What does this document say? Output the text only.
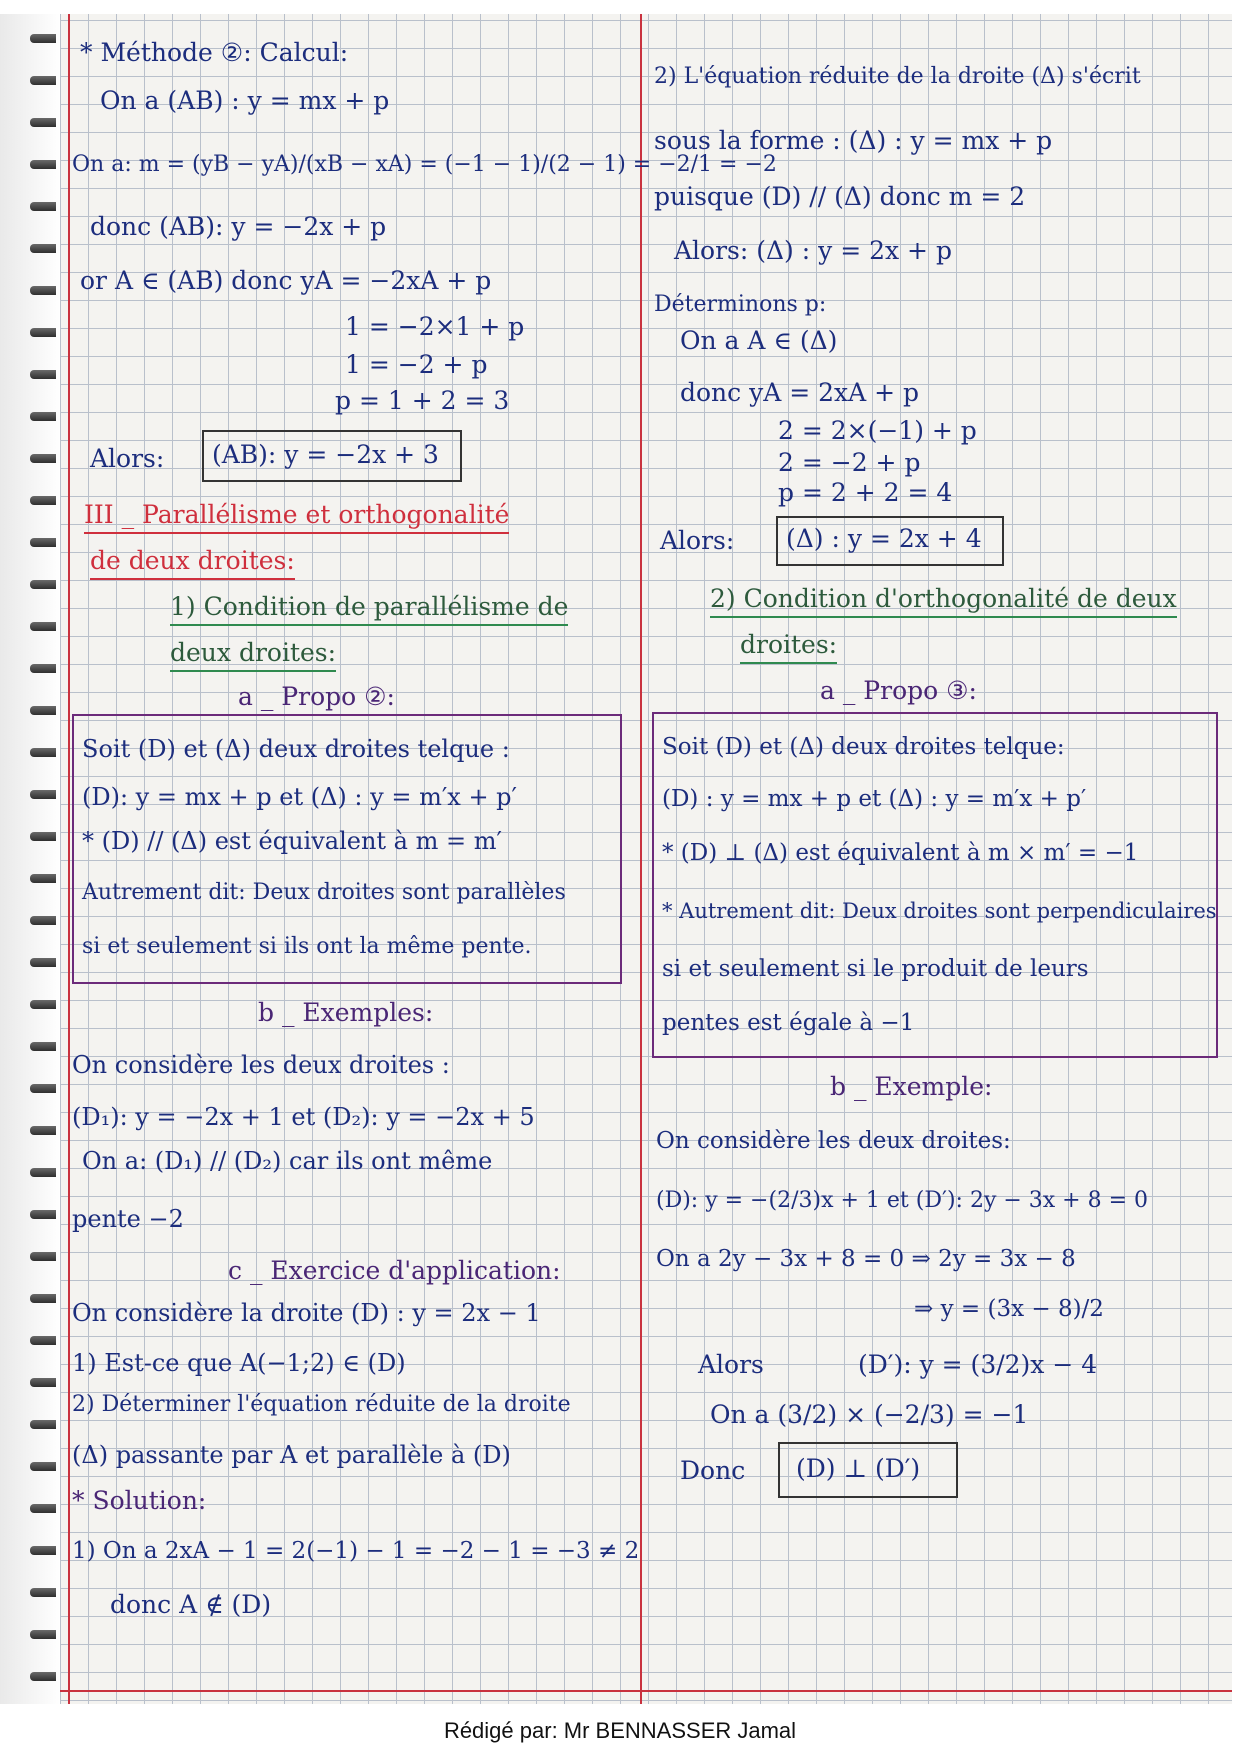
* Méthode ②: Calcul:
On a (AB) : y = mx + p
On a: m = (yB − yA)/(xB − xA) = (−1 − 1)/(2 − 1) = −2/1 = −2
donc (AB): y = −2x + p
or A ∈ (AB) donc yA = −2xA + p
1 = −2×1 + p
1 = −2 + p
p = 1 + 2 = 3
Alors: (AB): y = −2x + 3
III _ Parallélisme et orthogonalité
de deux droites:
1) Condition de parallélisme de
deux droites:
a _ Propo ②:
Soit (D) et (Δ) deux droites telque :
(D): y = mx + p et (Δ) : y = m′x + p′
* (D) // (Δ) est équivalent à m = m′
Autrement dit: Deux droites sont parallèles
si et seulement si ils ont la même pente.
b _ Exemples:
On considère les deux droites :
(D₁): y = −2x + 1 et (D₂): y = −2x + 5
On a: (D₁) // (D₂) car ils ont même
pente −2
c _ Exercice d'application:
On considère la droite (D) : y = 2x − 1
1) Est-ce que A(−1;2) ∈ (D)
2) Déterminer l'équation réduite de la droite
(Δ) passante par A et parallèle à (D)
* Solution:
1) On a 2xA − 1 = 2(−1) − 1 = −2 − 1 = −3 ≠ 2
donc A ∉ (D)
2) L'équation réduite de la droite (Δ) s'écrit
sous la forme : (Δ) : y = mx + p
puisque (D) // (Δ) donc m = 2
Alors: (Δ) : y = 2x + p
Déterminons p:
On a A ∈ (Δ)
donc yA = 2xA + p
2 = 2×(−1) + p
2 = −2 + p
p = 2 + 2 = 4
Alors: (Δ) : y = 2x + 4
2) Condition d'orthogonalité de deux
droites:
a _ Propo ③:
Soit (D) et (Δ) deux droites telque:
(D) : y = mx + p et (Δ) : y = m′x + p′
* (D) ⊥ (Δ) est équivalent à m × m′ = −1
* Autrement dit: Deux droites sont perpendiculaires
si et seulement si le produit de leurs
pentes est égale à −1
b _ Exemple:
On considère les deux droites:
(D): y = −(2/3)x + 1 et (D′): 2y − 3x + 8 = 0
On a 2y − 3x + 8 = 0 ⇒ 2y = 3x − 8
⇒ y = (3x − 8)/2
Alors	(D′): y = (3/2)x − 4
On a (3/2) × (−2/3) = −1
Donc (D) ⊥ (D′)
Rédigé par: Mr BENNASSER Jamal
